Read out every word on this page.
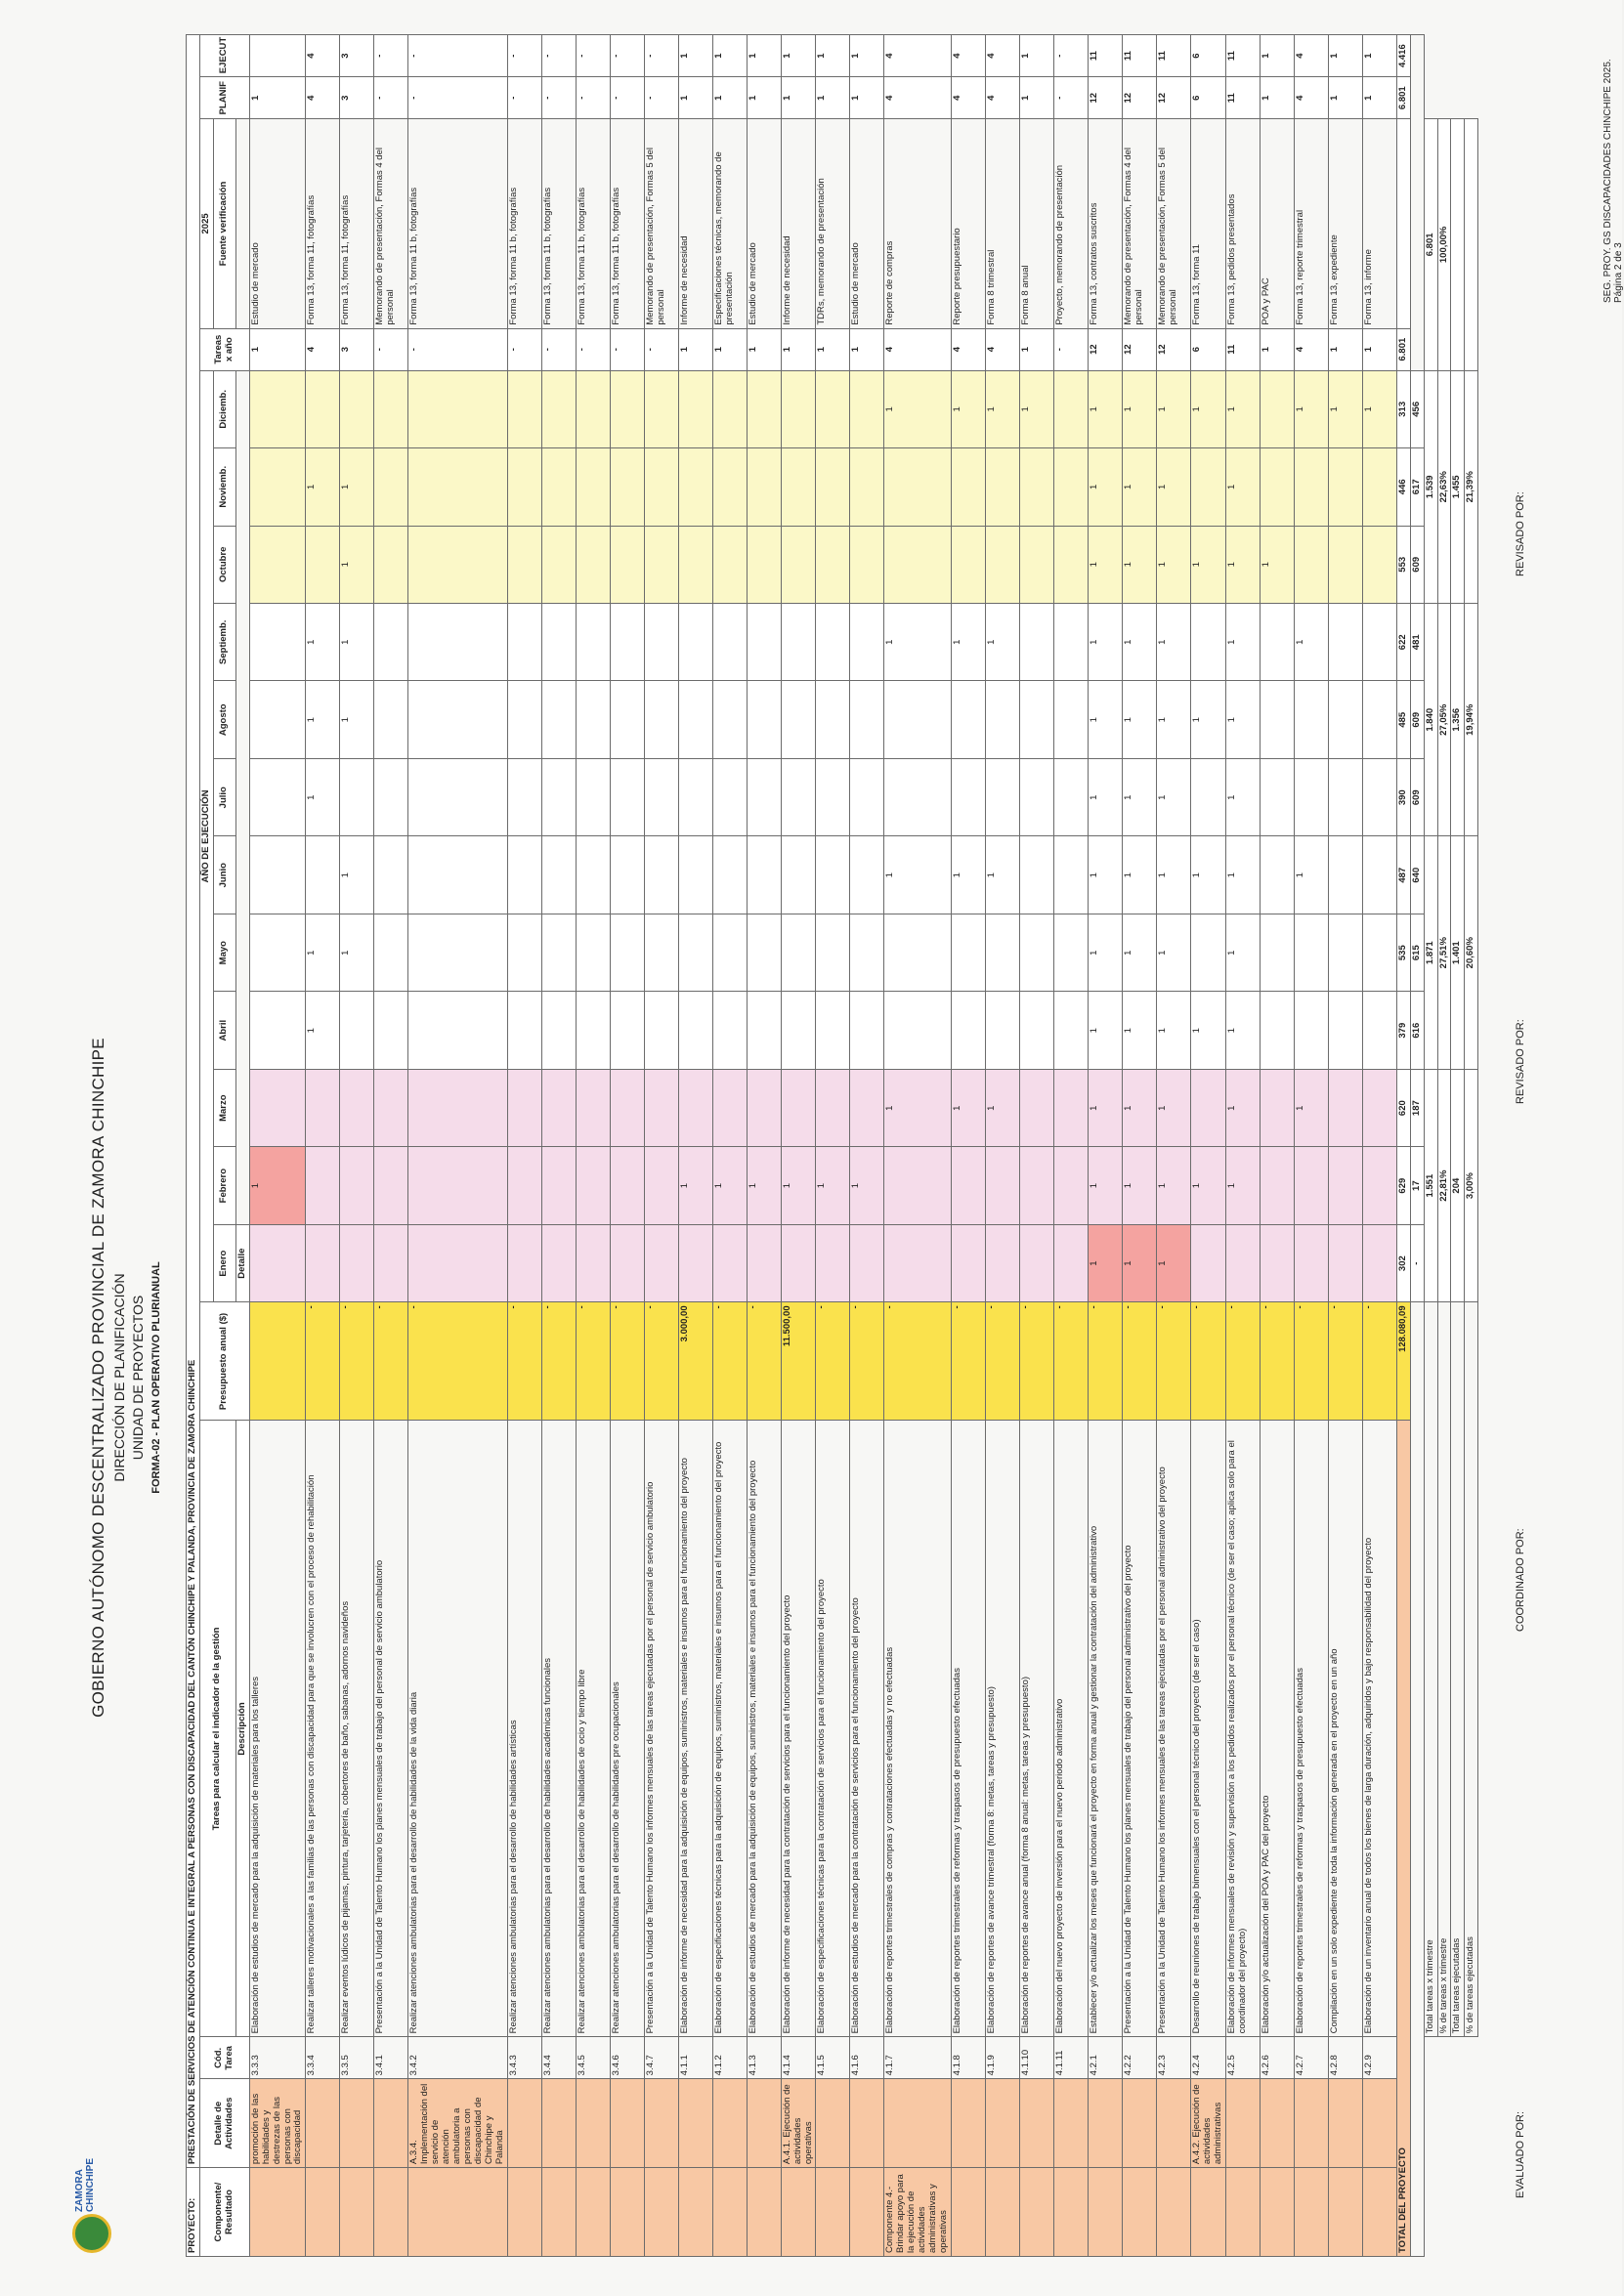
ZAMORA CHINCHIPE
GOBIERNO AUTÓNOMO DESCENTRALIZADO PROVINCIAL DE ZAMORA CHINCHIPE DIRECCIÓN DE PLANIFICACIÓN UNIDAD DE PROYECTOS FORMA-02 - PLAN OPERATIVO PLURIANUAL
PROYECTO:	PRESTACIÓN DE SERVICIOS DE ATENCIÓN CONTINUA E INTEGRAL A PERSONAS CON DISCAPACIDAD DEL CANTÓN CHINCHIPE Y PALANDA, PROVINCIA DE ZAMORA CHINCHIPE																			
Componente/ Resultado	Detalle de Actividades	Cód. Tarea	Tareas para calcular el indicador de la gestión	Presupuesto anual ($)	AÑO DE EJECUCIÓN												Tareas x año	2025	PLANIF	EJECUT
					Enero	Febrero	Marzo	Abril	Mayo	Junio	Julio	Agosto	Septiemb.	Octubre	Noviemb.	Diciemb.		Fuente verificación		
			Descripción		Detalle															
	promoción de las habilidades y destrezas de las personas con discapacidad	3.3.3	Elaboración de estudios de mercado para la adquisición de materiales para los talleres			1											1	Estudio de mercado	1	
		3.3.4	Realizar talleres motivacionales a las familias de las personas con discapacidad para que se involucren con el proceso de rehabilitación	-				1	1		1	1	1		1		4	Forma 13, forma 11, fotografías	4	4
		3.3.5	Realizar eventos lúdicos de pijamas, pintura, tarjetería, cobertores de baño, sabanas, adornos navideños	-					1	1		1	1	1	1		3	Forma 13, forma 11, fotografías	3	3
		3.4.1	Presentación a la Unidad de Talento Humano los planes mensuales de trabajo del personal de servicio ambulatorio	-													-	Memorando de presentación, Formas 4 del personal	-	-
	A.3.4. Implementación del servicio de atención ambulatoria a personas con discapacidad de Chinchipe y Palanda	3.4.2	Realizar atenciones ambulatorias para el desarrollo de habilidades de la vida diaria	-													-	Forma 13, forma 11 b, fotografías	-	-
		3.4.3	Realizar atenciones ambulatorias para el desarrollo de habilidades artísticas	-													-	Forma 13, forma 11 b, fotografías	-	-
		3.4.4	Realizar atenciones ambulatorias para el desarrollo de habilidades académicas funcionales	-													-	Forma 13, forma 11 b, fotografías	-	-
		3.4.5	Realizar atenciones ambulatorias para el desarrollo de habilidades de ocio y tiempo libre	-													-	Forma 13, forma 11 b, fotografías	-	-
		3.4.6	Realizar atenciones ambulatorias para el desarrollo de habilidades pre ocupacionales	-													-	Forma 13, forma 11 b, fotografías	-	-
		3.4.7	Presentación a la Unidad de Talento Humano los informes mensuales de las tareas ejecutadas por el personal de servicio ambulatorio	-													-	Memorando de presentación, Formas 5 del personal	-	-
		4.1.1	Elaboración de informe de necesidad para la adquisición de equipos, suministros, materiales e insumos para el funcionamiento del proyecto	3.000,00		1											1	Informe de necesidad	1	1
		4.1.2	Elaboración de especificaciones técnicas para la adquisición de equipos, suministros, materiales e insumos para el funcionamiento del proyecto	-		1											1	Especificaciones técnicas, memorando de presentación	1	1
		4.1.3	Elaboración de estudios de mercado para la adquisición de equipos, suministros, materiales e insumos para el funcionamiento del proyecto	-		1											1	Estudio de mercado	1	1
	A.4.1. Ejecución de actividades operativas	4.1.4	Elaboración de informe de necesidad para la contratación de servicios para el funcionamiento del proyecto	11.500,00		1											1	Informe de necesidad	1	1
		4.1.5	Elaboración de especificaciones técnicas para la contratación de servicios para el funcionamiento del proyecto	-		1											1	TDRs, memorando de presentación	1	1
		4.1.6	Elaboración de estudios de mercado para la contratación de servicios para el funcionamiento del proyecto	-		1											1	Estudio de mercado	1	1
Componente 4.- Brindar apoyo para la ejecución de actividades administrativas y operativas		4.1.7	Elaboración de reportes trimestrales de compras y contrataciones efectuadas y no efectuadas	-			1			1			1			1	4	Reporte de compras	4	4
		4.1.8	Elaboración de reportes trimestrales de reformas y traspasos de presupuesto efectuadas	-			1			1			1			1	4	Reporte presupuestario	4	4
		4.1.9	Elaboración de reportes de avance trimestral (forma 8: metas, tareas y presupuesto)	-			1			1			1			1	4	Forma 8 trimestral	4	4
		4.1.10	Elaboración de reportes de avance anual (forma 8 anual: metas, tareas y presupuesto)	-												1	1	Forma 8 anual	1	1
		4.1.11	Elaboración del nuevo proyecto de inversión para el nuevo periodo administrativo	-													-	Proyecto, memorando de presentación	-	-
		4.2.1	Establecer y/o actualizar los meses que funcionará el proyecto en forma anual y gestionar la contratación del administrativo	-	1	1	1	1	1	1	1	1	1	1	1	1	12	Forma 13, contratos suscritos	12	11
		4.2.2	Presentación a la Unidad de Talento Humano los planes mensuales de trabajo del personal administrativo del proyecto	-	1	1	1	1	1	1	1	1	1	1	1	1	12	Memorando de presentación, Formas 4 del personal	12	11
		4.2.3	Presentación a la Unidad de Talento Humano los informes mensuales de las tareas ejecutadas por el personal administrativo del proyecto	-	1	1	1	1	1	1	1	1	1	1	1	1	12	Memorando de presentación, Formas 5 del personal	12	11
	A.4.2. Ejecución de actividades administrativas	4.2.4	Desarrollo de reuniones de trabajo bimensuales con el personal técnico del proyecto (de ser el caso)	-		1		1		1		1		1		1	6	Forma 13, forma 11	6	6
		4.2.5	Elaboración de informes mensuales de revisión y supervisión a los pedidos realizados por el personal técnico (de ser el caso; aplica solo para el coordinador del proyecto)	-		1	1	1	1	1	1	1	1	1	1	1	11	Forma 13, pedidos presentados	11	11
		4.2.6	Elaboración y/o actualización del POA y PAC del proyecto	-										1			1	POA y PAC	1	1
		4.2.7	Elaboración de reportes trimestrales de reformas y traspasos de presupuesto efectuadas	-			1			1			1			1	4	Forma 13, reporte trimestral	4	4
		4.2.8	Compilación en un solo expediente de toda la información generada en el proyecto en un año	-												1	1	Forma 13, expediente	1	1
		4.2.9	Elaboración de un inventario anual de todos los bienes de larga duración, adquiridos y bajo responsabilidad del proyecto	-												1	1	Forma 13, informe	1	1
TOTAL DEL PROYECTO				128.080,09	302	629	620	379	535	487	390	485	622	553	446	313	6.801		6.801	4.416
					-	17	187	616	615	640	609	609	481	609	617	456				
			Total tareas x trimestre		1.551			1.871			1.840			1.539			6.801			
			% de tareas x trimestre		22,81%			27,51%			27,05%			22,63%			100,00%			
			Total tareas ejecutadas		204			1.401			1.356			1.455						
			% de tareas ejecutadas		3,00%			20,60%			19,94%			21,39%						
EVALUADO POR:
COORDINADO POR:
REVISADO POR:
REVISADO POR:
SEG. PROY. GS DISCAPACIDADES CHINCHIPE 2025. Página 2 de 3
